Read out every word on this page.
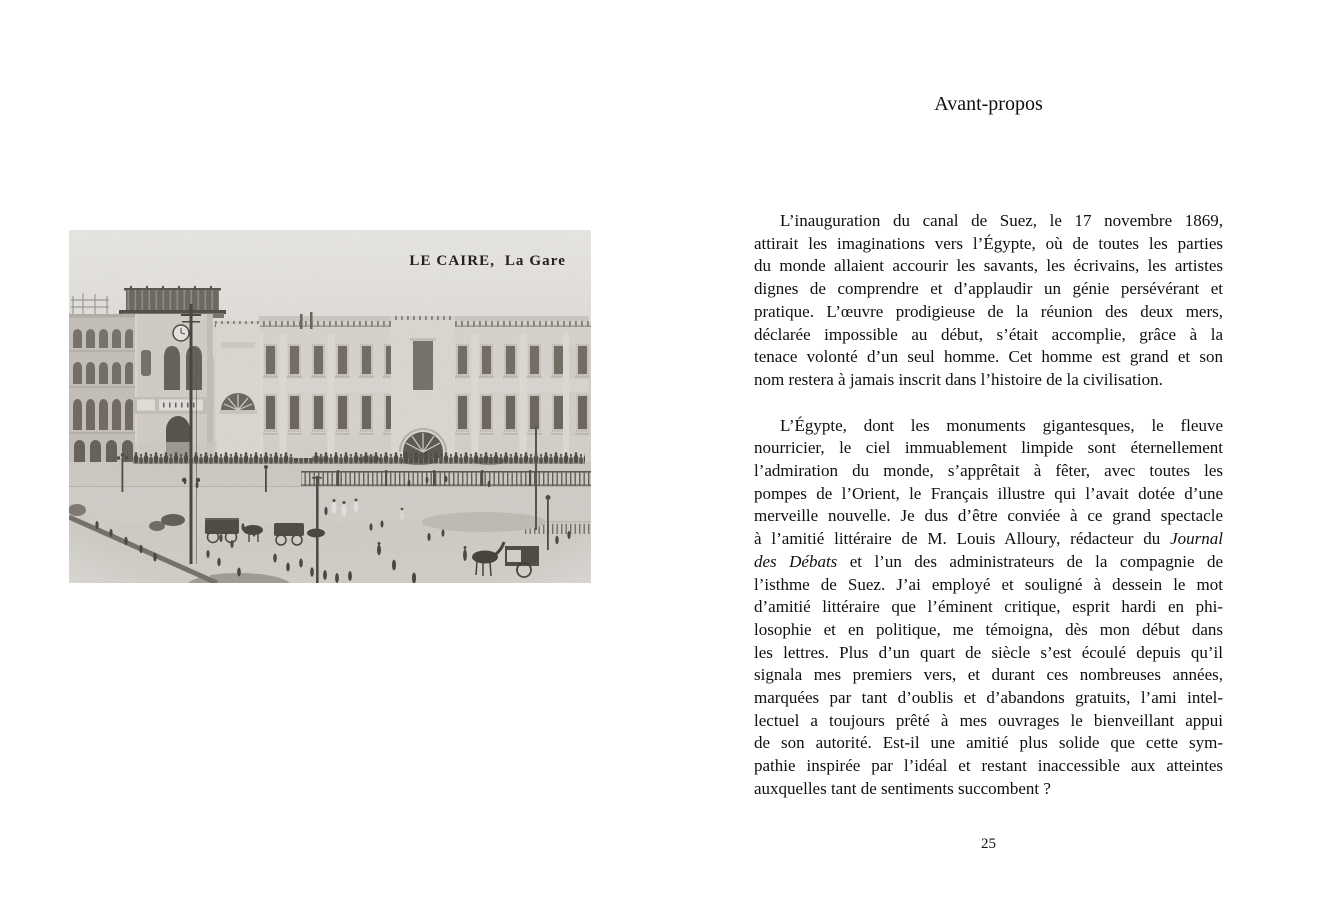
LE CAIRE,  La Gare
Avant-propos
L’inauguration du canal de Suez, le 17 novembre 1869,
attirait les imaginations vers l’Égypte, où de toutes les parties
du monde allaient accourir les savants, les écrivains, les artistes
dignes de comprendre et d’applaudir un génie persévérant et
pratique. L’œuvre prodigieuse de la réunion des deux mers,
déclarée impossible au début, s’était accomplie, grâce à la
tenace volonté d’un seul homme. Cet homme est grand et son
nom restera à jamais inscrit dans l’histoire de la civilisation.
L’Égypte, dont les monuments gigantesques, le fleuve
nourricier, le ciel immuablement limpide sont éternellement
l’admiration du monde, s’apprêtait à fêter, avec toutes les
pompes de l’Orient, le Français illustre qui l’avait dotée d’une
merveille nouvelle. Je dus d’être conviée à ce grand spectacle
à l’amitié littéraire de M. Louis Alloury, rédacteur du Journal
des Débats et l’un des administrateurs de la compagnie de
l’isthme de Suez. J’ai employé et souligné à dessein le mot
d’amitié littéraire que l’éminent critique, esprit hardi en phi-
losophie et en politique, me témoigna, dès mon début dans
les lettres. Plus d’un quart de siècle s’est écoulé depuis qu’il
signala mes premiers vers, et durant ces nombreuses années,
marquées par tant d’oublis et d’abandons gratuits, l’ami intel-
lectuel a toujours prêté à mes ouvrages le bienveillant appui
de son autorité. Est-il une amitié plus solide que cette sym-
pathie inspirée par l’idéal et restant inaccessible aux atteintes
auxquelles tant de sentiments succombent ?
25
